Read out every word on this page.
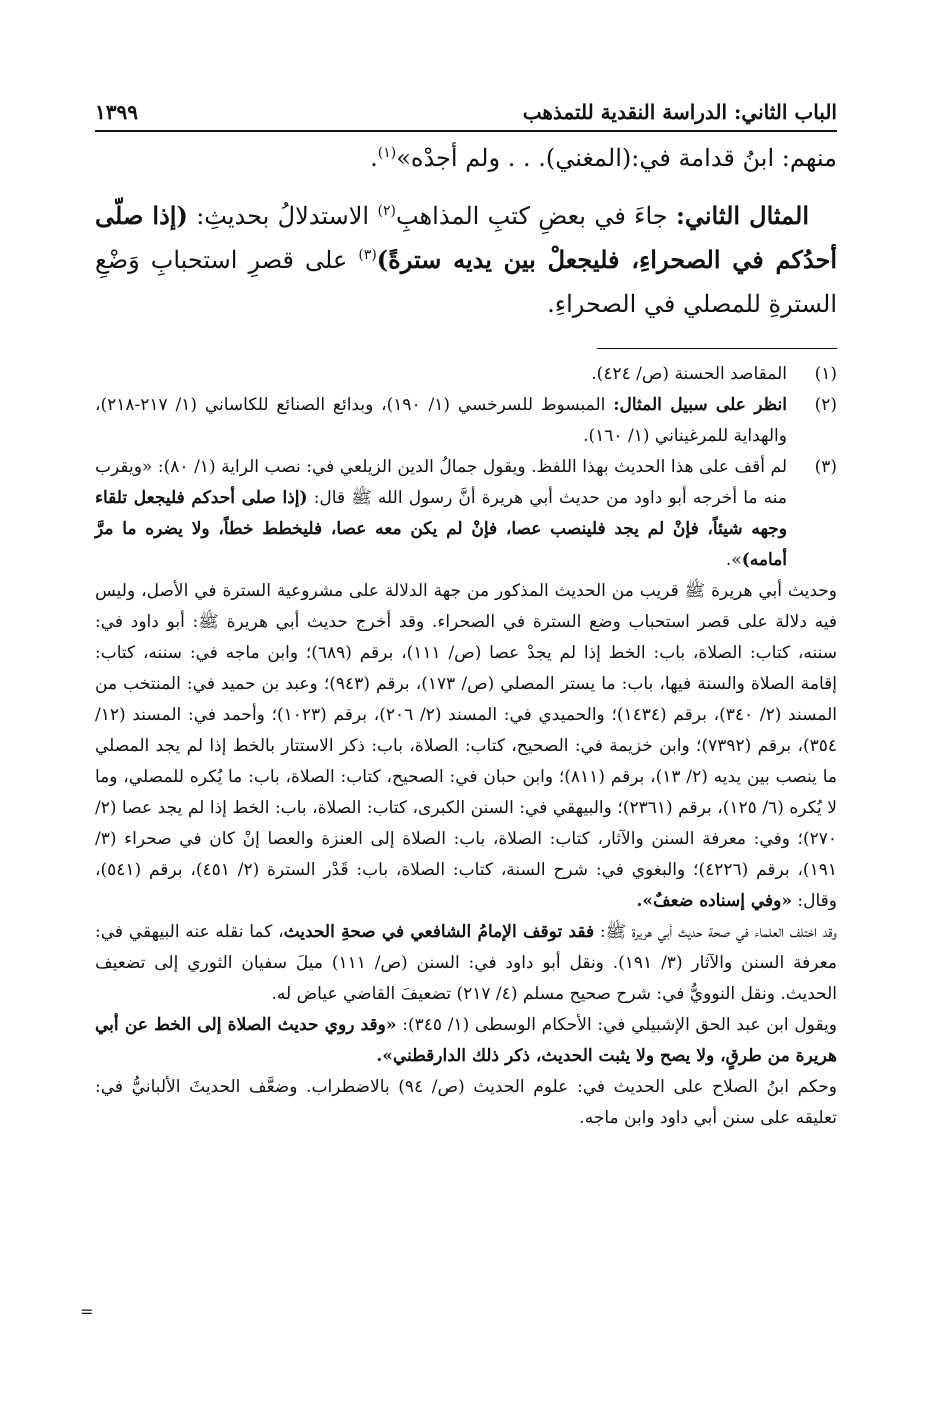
الباب الثاني: الدراسة النقدية للتمذهب
١٣٩٩

منهم: ابنُ قدامة في:(المغني). . . ولم أجدْه»$^{(١)}$.

المثال الثاني: جاءَ في بعضِ كتبِ المذاهبِ$^{(٢)}$ الاستدلالُ بحديثِ: (إذا صلّى أحدُكم في الصحراءِ، فليجعلْ بين يديه سترةً)$^{(٣)}$ على قصرِ استحبابِ وَضْعِ السترةِ للمصلي في الصحراءِ.

(١)
المقاصد الحسنة (ص/ ٤٢٤).
(٢)
انظر على سبيل المثال: المبسوط للسرخسي (١/ ١٩٠)، وبدائع الصنائع للكاساني (١/ ٢١٧-٢١٨)، والهداية للمرغيناني (١/ ١٦٠).
(٣)
لم أقف على هذا الحديث بهذا اللفظ. ويقول جمالُ الدين الزيلعي في: نصب الراية (١/ ٨٠): «ويقرب منه ما أخرجه أبو داود من حديث أبي هريرة أنَّ رسول الله ﷺ قال: (إذا صلى أحدكم فليجعل تلقاء وجهه شيئاً، فإنْ لم يجد فلينصب عصا، فإنْ لم يكن معه عصا، فليخطط خطاً، ولا يضره ما مرَّ أمامه)».

وحديث أبي هريرة ﷺ قريب من الحديث المذكور من جهة الدلالة على مشروعية السترة في الأصل، وليس فيه دلالة على قصر استحباب وضع السترة في الصحراء. وقد أخرج حديث أبي هريرة ﷺ: أبو داود في: سننه، كتاب: الصلاة، باب: الخط إذا لم يجدْ عصا (ص/ ١١١)، برقم (٦٨٩)؛ وابن ماجه في: سننه، كتاب: إقامة الصلاة والسنة فيها، باب: ما يستر المصلي (ص/ ١٧٣)، برقم (٩٤٣)؛ وعبد بن حميد في: المنتخب من المسند (٢/ ٣٤٠)، برقم (١٤٣٤)؛ والحميدي في: المسند (٢/ ٢٠٦)، برقم (١٠٢٣)؛ وأحمد في: المسند (١٢/ ٣٥٤)، برقم (٧٣٩٢)؛ وابن خزيمة في: الصحيح، كتاب: الصلاة، باب: ذكر الاستتار بالخط إذا لم يجد المصلي ما ينصب بين يديه (٢/ ١٣)، برقم (٨١١)؛ وابن حبان في: الصحيح، كتاب: الصلاة، باب: ما يُكره للمصلي، وما لا يُكره (٦/ ١٢٥)، برقم (٢٣٦١)؛ والبيهقي في: السنن الكبرى، كتاب: الصلاة، باب: الخط إذا لم يجد عصا (٢/ ٢٧٠)؛ وفي: معرفة السنن والآثار، كتاب: الصلاة، باب: الصلاة إلى العنزة والعصا إنْ كان في صحراء (٣/ ١٩١)، برقم (٤٢٢٦)؛ والبغوي في: شرح السنة، كتاب: الصلاة، باب: قَدْر السترة (٢/ ٤٥١)، برقم (٥٤١)، وقال: «وفي إسناده ضعفٌ».

وقد اختلف العلماء في صحة حديث أبي هريرة ﷺ: فقد توقف الإمامُ الشافعي في صحةِ الحديث، كما نقله عنه البيهقي في: معرفة السنن والآثار (٣/ ١٩١). ونقل أبو داود في: السنن (ص/ ١١١) ميلَ سفيان الثوري إلى تضعيف الحديث. ونقل النوويُّ في: شرح صحيح مسلم (٤/ ٢١٧) تضعيفَ القاضي عياض له.

ويقول ابن عبد الحق الإشبيلي في: الأحكام الوسطى (١/ ٣٤٥): «وقد روي حديث الصلاة إلى الخط عن أبي هريرة من طرقٍ، ولا يصح ولا يثبت الحديث، ذكر ذلك الدارقطني».

وحكم ابنُ الصلاح على الحديث في: علوم الحديث (ص/ ٩٤) بالاضطراب. وضعَّف الحديثَ الألبانيُّ في: تعليقه على سنن أبي داود وابن ماجه.

=
